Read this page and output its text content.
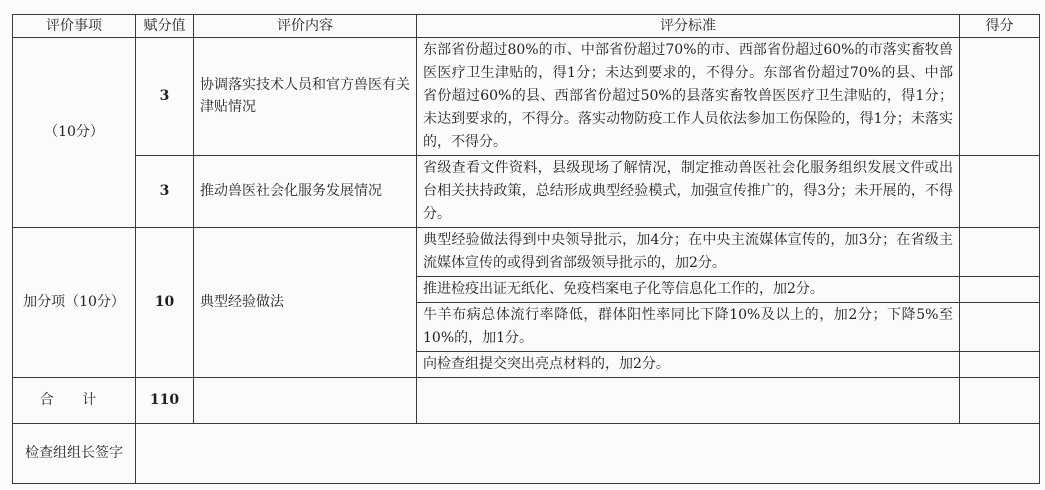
评价事项	赋分值	评价内容	评分标准	得分
（10分）	3	协调落实技术人员和官方兽医有关津贴情况	东部省份超过80%的市、中部省份超过70%的市、西部省份超过60%的市落实畜牧兽医医疗卫生津贴的，得1分；未达到要求的，不得分。东部省份超过70%的县、中部省份超过60%的县、西部省份超过50%的县落实畜牧兽医医疗卫生津贴的，得1分；未达到要求的，不得分。落实动物防疫工作人员依法参加工伤保险的，得1分；未落实的，不得分。	
	3	推动兽医社会化服务发展情况	省级查看文件资料，县级现场了解情况，制定推动兽医社会化服务组织发展文件或出台相关扶持政策，总结形成典型经验模式，加强宣传推广的，得3分；未开展的，不得分。	
加分项（10分）	10	典型经验做法	典型经验做法得到中央领导批示，加4分；在中央主流媒体宣传的，加3分；在省级主流媒体宣传的或得到省部级领导批示的，加2分。	
			推进检疫出证无纸化、免疫档案电子化等信息化工作的，加2分。	
			牛羊布病总体流行率降低，群体阳性率同比下降10%及以上的，加2分；下降5%至10%的，加1分。	
			向检查组提交突出亮点材料的，加2分。	
合 计	110			
检查组组长签字				
